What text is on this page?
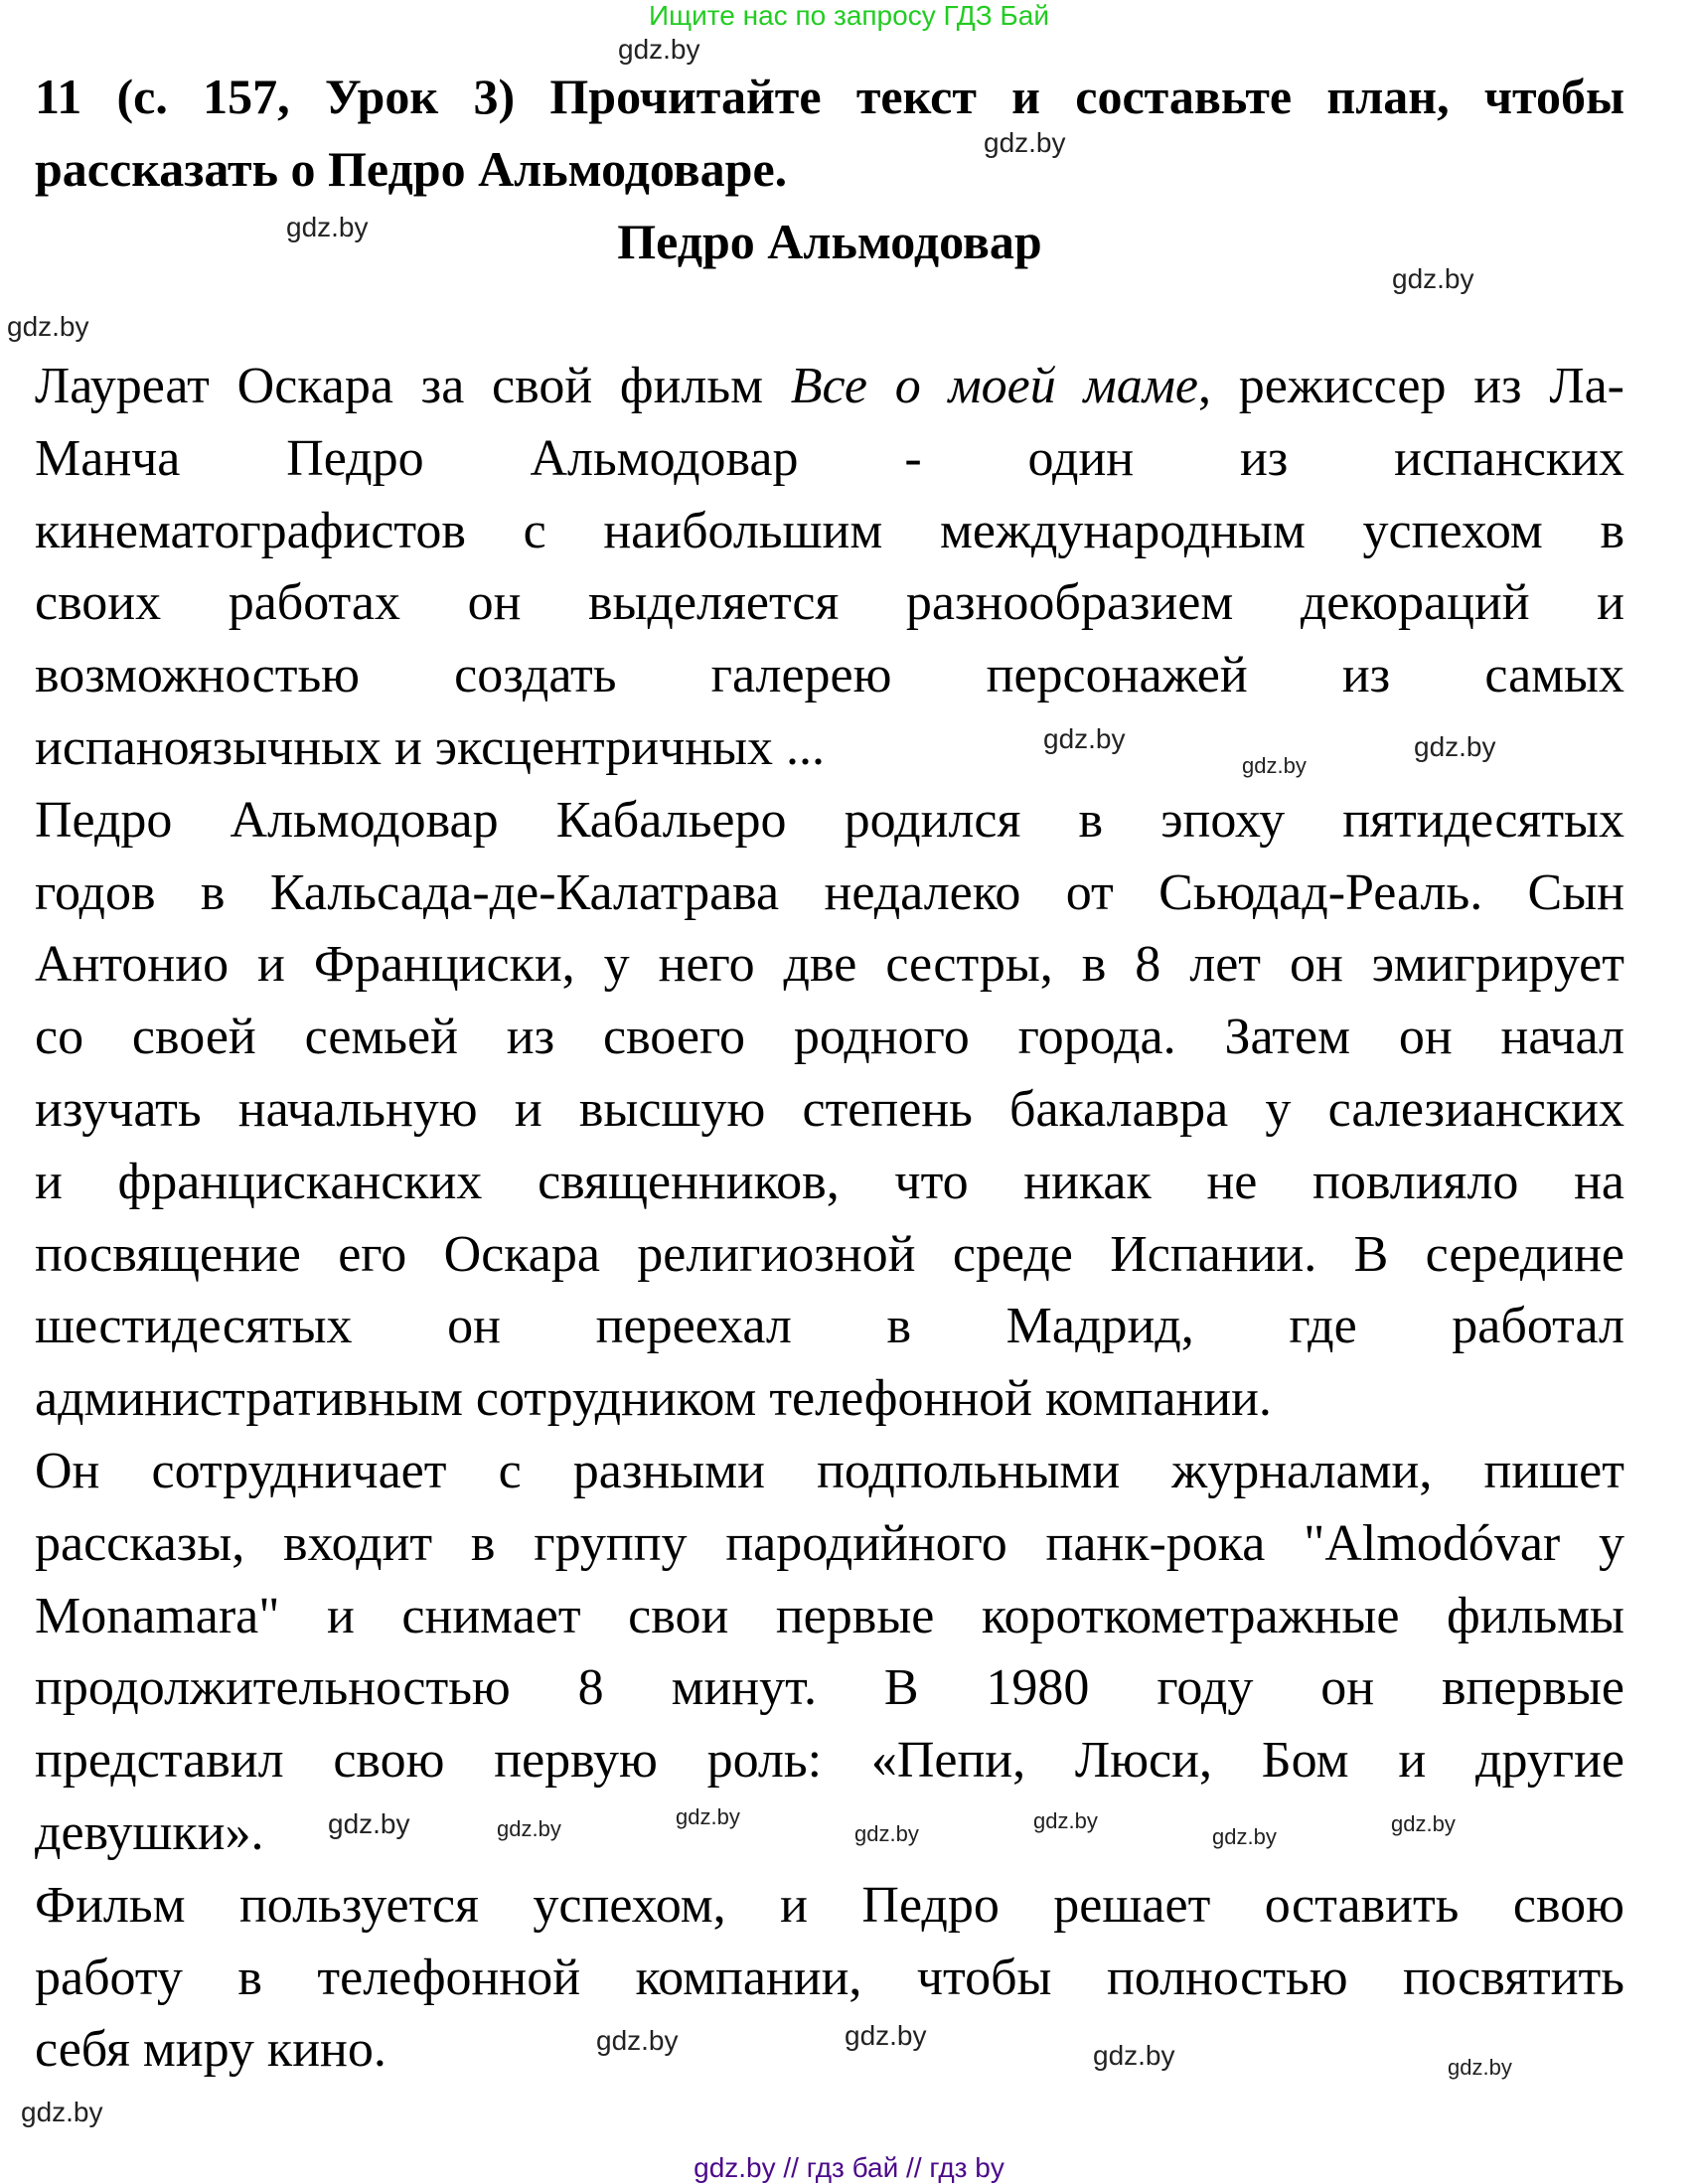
Ищите нас по запросу ГДЗ Бай
11 (с. 157, Урок 3) Прочитайте текст и составьте план, чтобы
рассказать о Педро Альмодоваре.
Педро Альмодовар
Лауреат Оскара за свой фильм Все о моей маме, режиссер из Ла-
Манча Педро Альмодовар - один из испанских
кинематографистов с наибольшим международным успехом в
своих работах он выделяется разнообразием декораций и
возможностью создать галерею персонажей из самых
испаноязычных и эксцентричных ...
Педро Альмодовар Кабальеро родился в эпоху пятидесятых
годов в Кальсада-де-Калатрава недалеко от Сьюдад-Реаль. Сын
Антонио и Франциски, у него две сестры, в 8 лет он эмигрирует
со своей семьей из своего родного города. Затем он начал
изучать начальную и высшую степень бакалавра у салезианских
и францисканских священников, что никак не повлияло на
посвящение его Оскара религиозной среде Испании. В середине
шестидесятых он переехал в Мадрид, где работал
административным сотрудником телефонной компании.
Он сотрудничает с разными подпольными журналами, пишет
рассказы, входит в группу пародийного панк-рока "Almodóvar y
Monamara" и снимает свои первые короткометражные фильмы
продолжительностью 8 минут. В 1980 году он впервые
представил свою первую роль: «Пепи, Люси, Бом и другие
девушки».
Фильм пользуется успехом, и Педро решает оставить свою
работу в телефонной компании, чтобы полностью посвятить
себя миру кино.
gdz.by
gdz.by
gdz.by
gdz.by
gdz.by
gdz.by
gdz.by
gdz.by
gdz.by	gdz.by	gdz.by
gdz.by
gdz.by
gdz.by
gdz.by
gdz.by	gdz.by
gdz.by	gdz.by
gdz.by
gdz.by // гдз бай // гдз by
